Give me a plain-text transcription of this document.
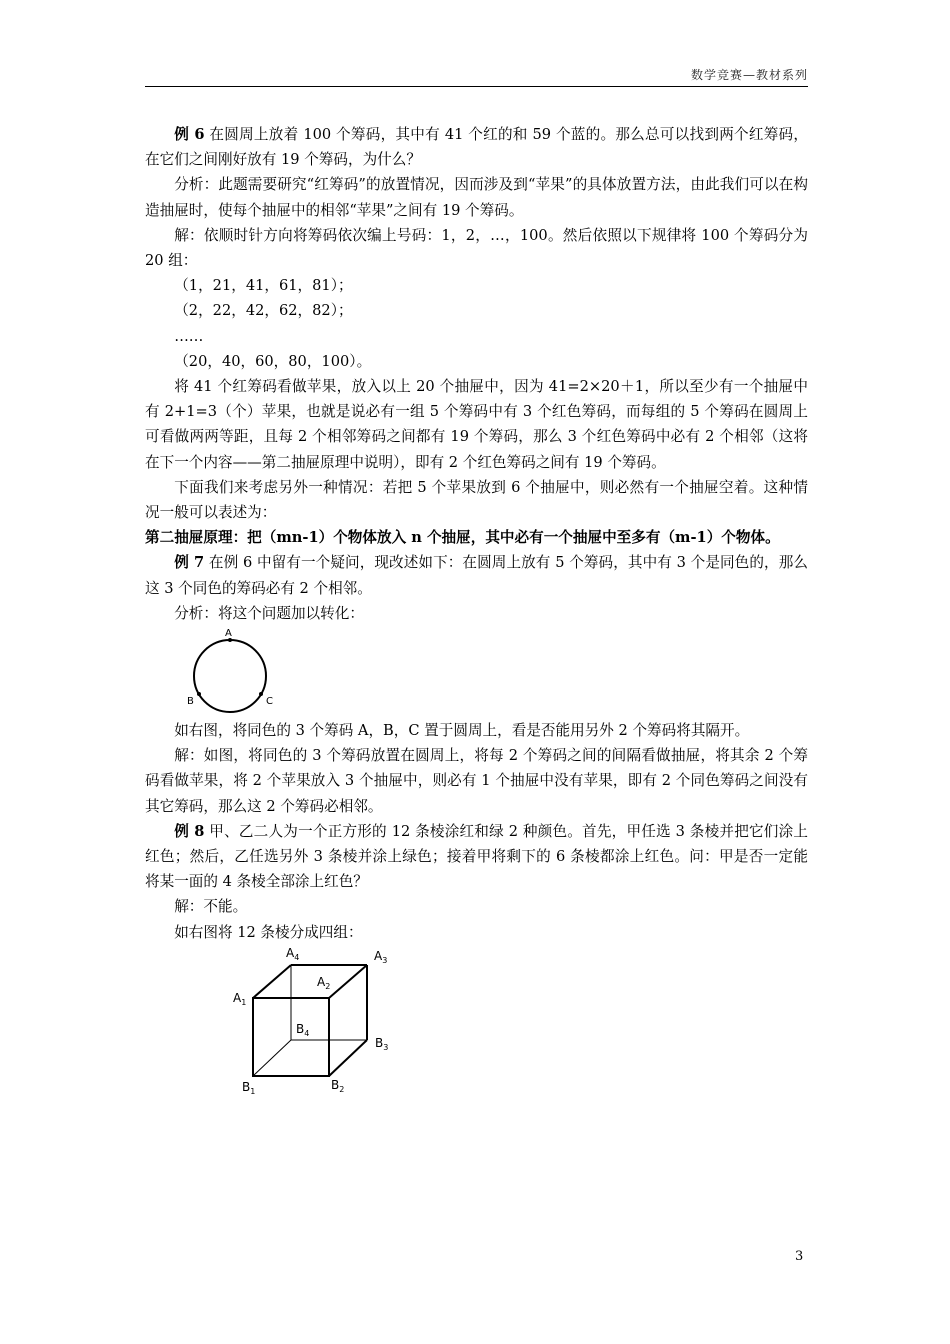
数学竞赛—教材系列

例 6 在圆周上放着 100 个筹码，其中有 41 个红的和 59 个蓝的。那么总可以找到两个红筹码，在它们之间刚好放有 19 个筹码，为什么？

分析：此题需要研究“红筹码”的放置情况，因而涉及到“苹果”的具体放置方法，由此我们可以在构造抽屉时，使每个抽屉中的相邻“苹果”之间有 19 个筹码。

解：依顺时针方向将筹码依次编上号码：1，2，…，100。然后依照以下规律将 100 个筹码分为 20 组：

（1，21，41，61，81）；

（2，22，42，62，82）；

……

（20，40，60，80，100）。

将 41 个红筹码看做苹果，放入以上 20 个抽屉中，因为 41=2×20＋1，所以至少有一个抽屉中有 2+1=3（个）苹果，也就是说必有一组 5 个筹码中有 3 个红色筹码，而每组的 5 个筹码在圆周上可看做两两等距，且每 2 个相邻筹码之间都有 19 个筹码，那么 3 个红色筹码中必有 2 个相邻（这将在下一个内容——第二抽屉原理中说明），即有 2 个红色筹码之间有 19 个筹码。

下面我们来考虑另外一种情况：若把 5 个苹果放到 6 个抽屉中，则必然有一个抽屉空着。这种情况一般可以表述为：

第二抽屉原理：把（mn-1）个物体放入 n 个抽屉，其中必有一个抽屉中至多有（m-1）个物体。

例 7 在例 6 中留有一个疑问，现改述如下：在圆周上放有 5 个筹码，其中有 3 个是同色的，那么这 3 个同色的筹码必有 2 个相邻。

分析：将这个问题加以转化：

A
B	C

如右图，将同色的 3 个筹码 A，B，C 置于圆周上，看是否能用另外 2 个筹码将其隔开。

解：如图，将同色的 3 个筹码放置在圆周上，将每 2 个筹码之间的间隔看做抽屉，将其余 2 个筹码看做苹果，将 2 个苹果放入 3 个抽屉中，则必有 1 个抽屉中没有苹果，即有 2 个同色筹码之间没有其它筹码，那么这 2 个筹码必相邻。

例 8 甲、乙二人为一个正方形的 12 条棱涂红和绿 2 种颜色。首先，甲任选 3 条棱并把它们涂上红色；然后，乙任选另外 3 条棱并涂上绿色；接着甲将剩下的 6 条棱都涂上红色。问：甲是否一定能将某一面的 4 条棱全部涂上红色？

解：不能。

如右图将 12 条棱分成四组：

$A_1$
$A_2$
$A_3$
$A_4$
$B_1$	$B_2$
$B_3$
$B_4$
3
